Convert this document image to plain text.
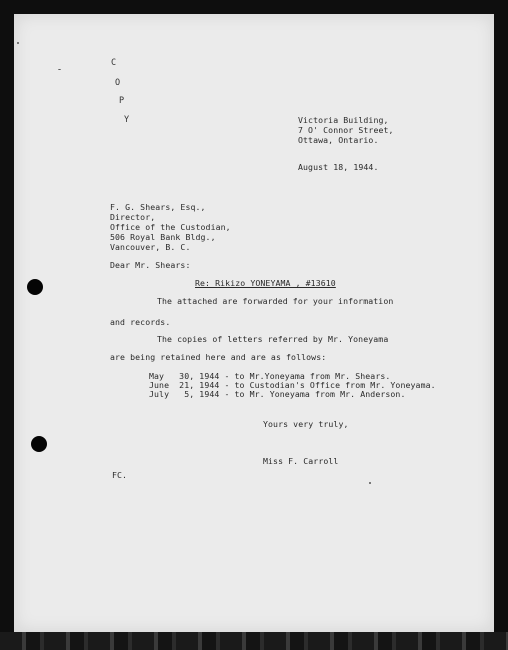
C
O
P
Y	Victoria Building,
7 O' Connor Street,
Ottawa, Ontario.
August 18, 1944.
F. G. Shears, Esq.,
Director,
Office of the Custodian,
506 Royal Bank Bldg.,
Vancouver, B. C.
Dear Mr. Shears:
Re: Rikizo YONEYAMA , #13610
The attached are forwarded for your information
and records.
The copies of letters referred by Mr. Yoneyama
are being retained here and are as follows:
May   30, 1944 - to Mr.Yoneyama from Mr. Shears.
June  21, 1944 - to Custodian's Office from Mr. Yoneyama.
July   5, 1944 - to Mr. Yoneyama from Mr. Anderson.
Yours very truly,
Miss F. Carroll
FC.
